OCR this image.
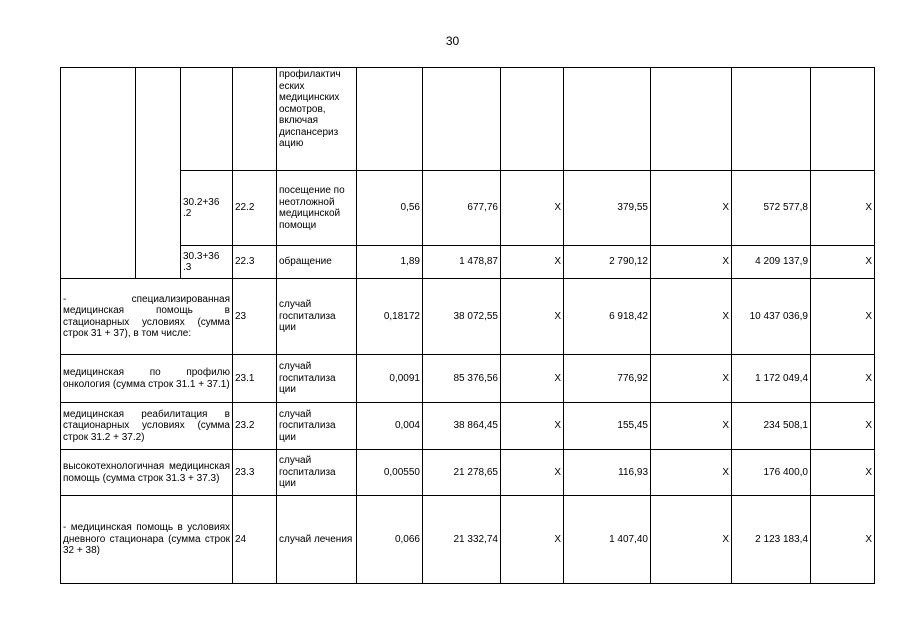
30
				профилактич еских медицинских осмотров, включая диспансериз ацию							
		30.2+36 .2	22.2	посещение по неотложной медицинской помощи	0,56	677,76	X	379,55	X	572 577,8	X
		30.3+36 .3	22.3	обращение	1,89	1 478,87	X	2 790,12	X	4 209 137,9	X
- специализированная медицинская помощь в стационарных условиях (сумма строк 31 + 37), в том числе:			23	случай госпитализа ции	0,18172	38 072,55	X	6 918,42	X	10 437 036,9	X
медицинская по профилю онкология (сумма строк 31.1 + 37.1)			23.1	случай госпитализа ции	0,0091	85 376,56	X	776,92	X	1 172 049,4	X
медицинская реабилитация в стационарных условиях (сумма строк 31.2 + 37.2)			23.2	случай госпитализа ции	0,004	38 864,45	X	155,45	X	234 508,1	X
высокотехнологичная медицинская помощь (сумма строк 31.3 + 37.3)			23.3	случай госпитализа ции	0,00550	21 278,65	X	116,93	X	176 400,0	X
- медицинская помощь в условиях дневного стационара (сумма строк 32 + 38)			24	случай лечения	0,066	21 332,74	X	1 407,40	X	2 123 183,4	X
